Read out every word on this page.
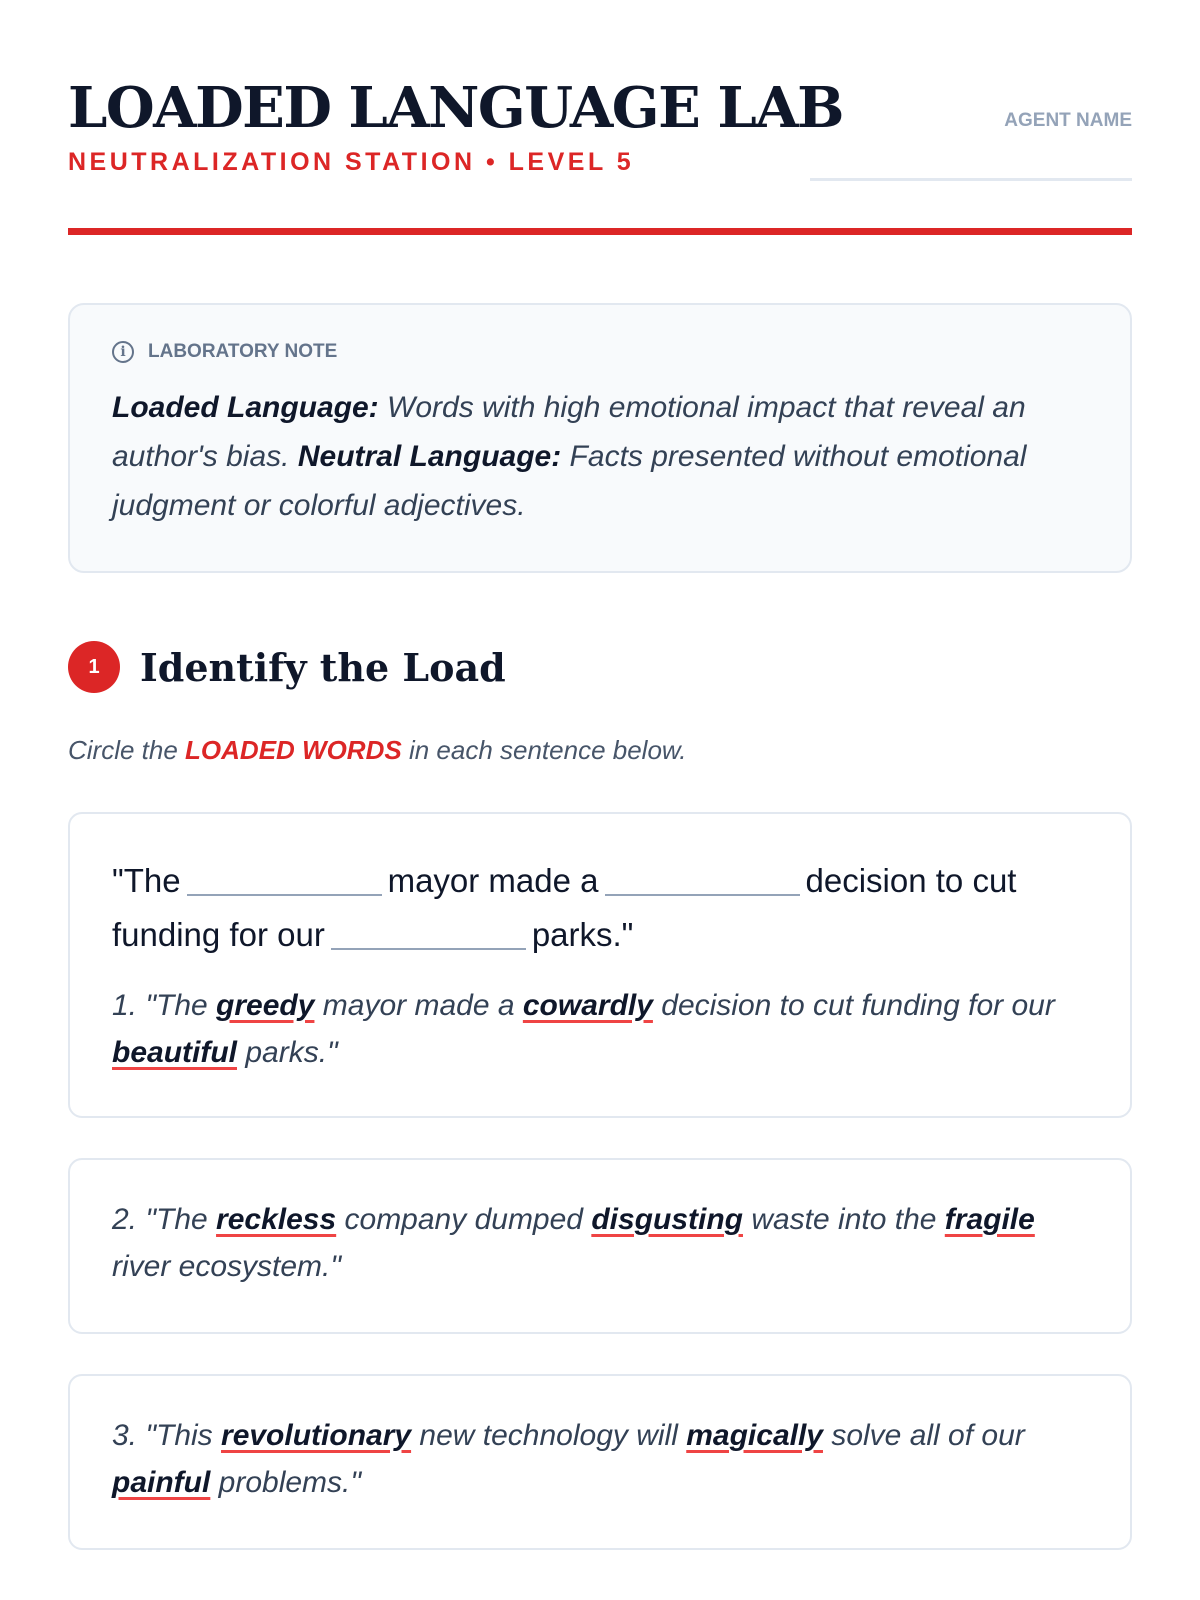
LOADED LANGUAGE LAB
NEUTRALIZATION STATION • LEVEL 5
AGENT NAME
i	LABORATORY NOTE
Loaded Language: Words with high emotional impact that reveal an author's bias. Neutral Language: Facts presented without emotional judgment or colorful adjectives.
1	Identify the Load
Circle the LOADED WORDS in each sentence below.
"The	mayor made a	decision to cut funding for our	parks."
1. "The greedy mayor made a cowardly decision to cut funding for our beautiful parks."
2. "The reckless company dumped disgusting waste into the fragile river ecosystem."
3. "This revolutionary new technology will magically solve all of our painful problems."
